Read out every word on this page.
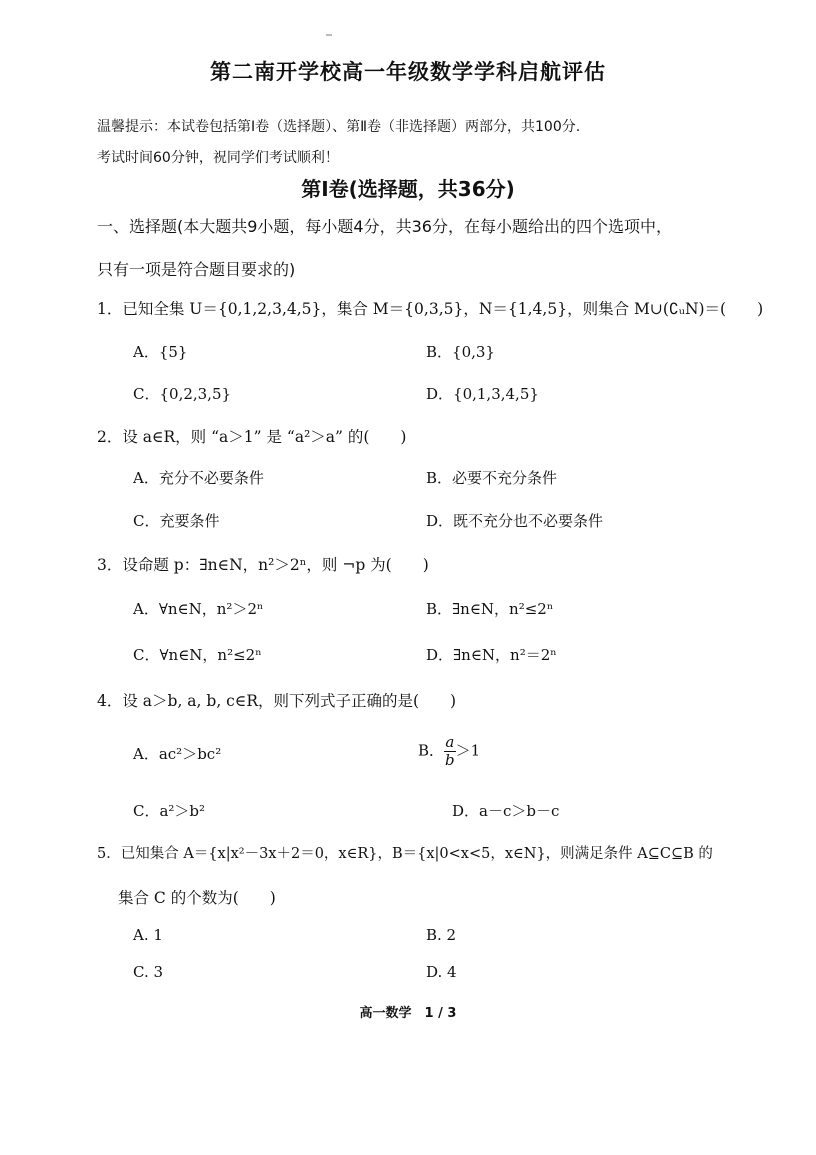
第二南开学校高一年级数学学科启航评估
温馨提示：本试卷包括第Ⅰ卷（选择题）、第Ⅱ卷（非选择题）两部分，共100分.
考试时间60分钟，祝同学们考试顺利！
第Ⅰ卷(选择题，共36分)
一、选择题(本大题共9小题，每小题4分，共36分，在每小题给出的四个选项中，
只有一项是符合题目要求的)
1．已知全集 U＝{0,1,2,3,4,5}，集合 M＝{0,3,5}，N＝{1,4,5}，则集合 M∪(∁ᵤN)＝(　　)
A．{5}	B．{0,3}
C．{0,2,3,5}	D．{0,1,3,4,5}
2．设 a∈R，则 “a＞1” 是 “a²＞a” 的(　　)
A．充分不必要条件	B．必要不充分条件
C．充要条件	D．既不充分也不必要条件
3．设命题 p：∃n∈N，n²＞2ⁿ，则 ¬p 为(　　)
A．∀n∈N，n²＞2ⁿ	B．∃n∈N，n²≤2ⁿ
C．∀n∈N，n²≤2ⁿ	D．∃n∈N，n²＝2ⁿ
4．设 a＞b, a, b, c∈R，则下列式子正确的是(　　)
A．ac²＞bc²	B． $\frac{a}{b} >1$
C．a²＞b²	D．a－c＞b－c
5．已知集合 A＝{x|x²－3x＋2＝0，x∈R}，B＝{x|0<x<5，x∈N}，则满足条件 A⊆C⊆B 的
集合 C 的个数为(　　)
A. 1	B. 2
C. 3	D. 4
高一数学　1 / 3
